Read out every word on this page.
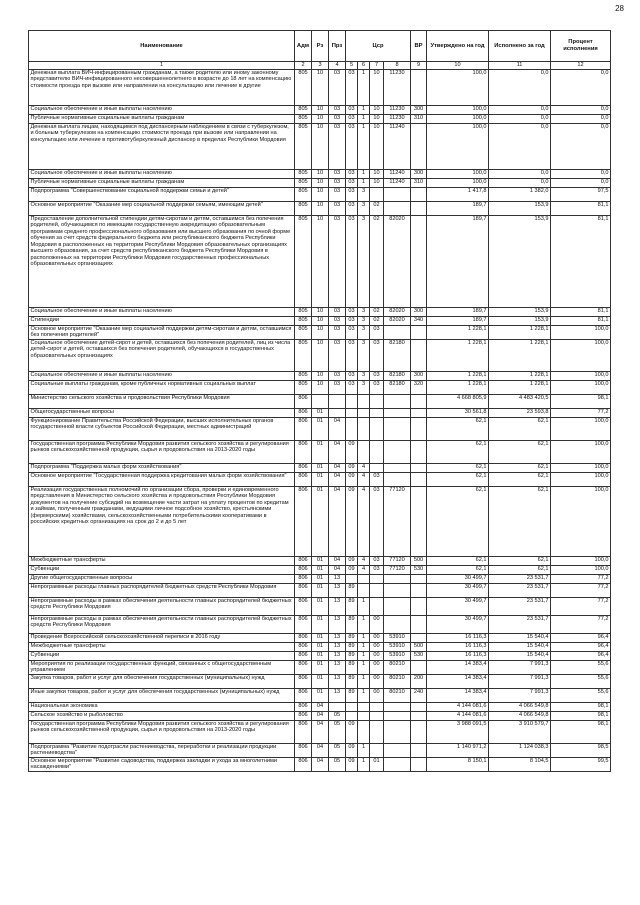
28
Наименование	Адм	Рз	Прз	Цср				ВР	Утверждено на год	Исполнено за год	Процент исполнения
1	2	3	4	5	6	7	8	9	10	11	12
Денежная выплата ВИЧ-инфицированным гражданам, а также родителю или иному законному представителю ВИЧ-инфицированного несовершеннолетнего в возрасте до 18 лет на компенсацию стоимости проезда при вызове или направлении на консультацию или лечение в другие	805	10	03	03	1	10	11230		100,0	0,0	0,0
Социальное обеспечение и иные выплаты населению	805	10	03	03	1	10	11230	300	100,0	0,0	0,0
Публичные нормативные социальные выплаты гражданам	805	10	03	03	1	10	11230	310	100,0	0,0	0,0
Денежная выплата лицам, находящимся под диспансерным наблюдением в связи с туберкулезом, и больным туберкулезом на компенсацию стоимости проезда при вызове или направлении на консультацию или лечение в противотуберкулезный диспансер в пределах Республики Мордовия	805	10	03	03	1	10	11240		100,0	0,0	0,0
Социальное обеспечение и иные выплаты населению	805	10	03	03	1	10	11240	300	100,0	0,0	0,0
Публичные нормативные социальные выплаты гражданам	805	10	03	03	1	10	11240	310	100,0	0,0	0,0
Подпрограмма "Совершенствование социальной поддержки семьи и детей"	805	10	03	03	3				1 417,8	1 382,0	97,5
Основное мероприятие "Оказание мер социальной поддержки семьям, имеющим детей"	805	10	03	03	3	02			189,7	153,9	81,1
Предоставление дополнительной стипендии детям-сиротам и детям, оставшимся без попечения родителей, обучающимся по имеющим государственную аккредитацию образовательным программам среднего профессионального образования или высшего образования по очной форме обучения за счет средств федерального бюджета или республиканского бюджета Республики Мордовия в расположенных на территории Республики Мордовия образовательных организациях высшего образования, за счет средств республиканского бюджета Республики Мордовия в расположенных на территории Республики Мордовия государственных профессиональных образовательных организациях	805	10	03	03	3	02	82020		189,7	153,9	81,1
Социальное обеспечение и иные выплаты населению	805	10	03	03	3	02	82020	300	189,7	153,9	81,1
Стипендии	805	10	03	03	3	02	82020	340	189,7	153,9	81,1
Основное мероприятие "Оказание мер социальной поддержки детям-сиротам и детям, оставшимся без попечения родителей"	805	10	03	03	3	03			1 228,1	1 228,1	100,0
Социальное обеспечение детей-сирот и детей, оставшихся без попечения родителей, лиц из числа детей-сирот и детей, оставшихся без попечения родителей, обучающихся в государственных образовательных организациях	805	10	03	03	3	03	82180		1 228,1	1 228,1	100,0
Социальное обеспечение и иные выплаты населению	805	10	03	03	3	03	82180	300	1 228,1	1 228,1	100,0
Социальные выплаты гражданам, кроме публичных нормативных социальных выплат	805	10	03	03	3	03	82180	320	1 228,1	1 228,1	100,0
Министерство сельского хозяйства и продовольствия Республики Мордовия	806								4 668 805,9	4 483 420,5	98,1
Общегосударственные вопросы	806	01							30 561,8	23 593,8	77,2
Функционирование Правительства Российской Федерации, высших исполнительных органов государственной власти субъектов Российской Федерации, местных администраций	806	01	04						62,1	62,1	100,0
Государственная программа Республики Мордовия развития сельского хозяйства и регулирования рынков сельскохозяйственной продукции, сырья и продовольствия на 2013-2020 годы	806	01	04	09					62,1	62,1	100,0
Подпрограмма "Поддержка малых форм хозяйствования"	806	01	04	09	4				62,1	62,1	100,0
Основное мероприятие "Государственная поддержка кредитования малых форм хозяйствования"	806	01	04	09	4	03			62,1	62,1	100,0
Реализация государственных полномочий по организации сбора, проверки и единовременного представления в Министерство сельского хозяйства и продовольствия Республики Мордовия документов на получение субсидий на возмещение части затрат на уплату процентов по кредитам и займам, полученным гражданами, ведущими личное подсобное хозяйство, крестьянскими (фермерскими) хозяйствами, сельскохозяйственными потребительскими кооперативами в российских кредитных организациях на срок до 2 и до 5 лет	806	01	04	09	4	03	77120		62,1	62,1	100,0
Межбюджетные трансферты	806	01	04	09	4	03	77120	500	62,1	62,1	100,0
Субвенции	806	01	04	09	4	03	77120	530	62,1	62,1	100,0
Другие общегосударственные вопросы	806	01	13						30 499,7	23 531,7	77,2
Непрограммные расходы главных распорядителей бюджетных средств Республики Мордовия	806	01	13	89					30 499,7	23 531,7	77,2
Непрограммные расходы в рамках обеспечения деятельности главных распорядителей бюджетных средств Республики Мордовия	806	01	13	89	1				30 499,7	23 531,7	77,2
Непрограммные расходы в рамках обеспечения деятельности главных распорядителей бюджетных средств Республики Мордовия	806	01	13	89	1	00			30 499,7	23 531,7	77,2
Проведение Всероссийской сельскохозяйственной переписи в 2016 году	806	01	13	89	1	00	53910		16 116,3	15 540,4	96,4
Межбюджетные трансферты	806	01	13	89	1	00	53910	500	16 116,3	15 540,4	96,4
Субвенции	806	01	13	89	1	00	53910	530	16 116,3	15 540,4	96,4
Мероприятия по реализации государственных функций, связанных с общегосударственным управлением	806	01	13	89	1	00	80210		14 383,4	7 991,3	55,6
Закупка товаров, работ и услуг для обеспечения государственных (муниципальных) нужд	806	01	13	89	1	00	80210	200	14 383,4	7 991,3	55,6
Иные закупки товаров, работ и услуг для обеспечения государственных (муниципальных) нужд	806	01	13	89	1	00	80210	240	14 383,4	7 991,3	55,6
Национальная экономика	806	04							4 144 081,6	4 066 549,8	98,1
Сельское хозяйство и рыболовство	806	04	05						4 144 081,6	4 066 549,8	98,1
Государственная программа Республики Мордовия развития сельского хозяйства и регулирования рынков сельскохозяйственной продукции, сырья и продовольствия на 2013-2020 годы	806	04	05	09					3 988 091,5	3 910 579,7	98,1
Подпрограмма "Развитие подотрасли растениеводства, переработки и реализации продукции растениеводства"	806	04	05	09	1				1 140 971,2	1 124 038,3	98,5
Основное мероприятие "Развитие садоводства, поддержка закладки и ухода за многолетними насаждениями"	806	04	05	09	1	01			8 150,1	8 104,5	99,5
